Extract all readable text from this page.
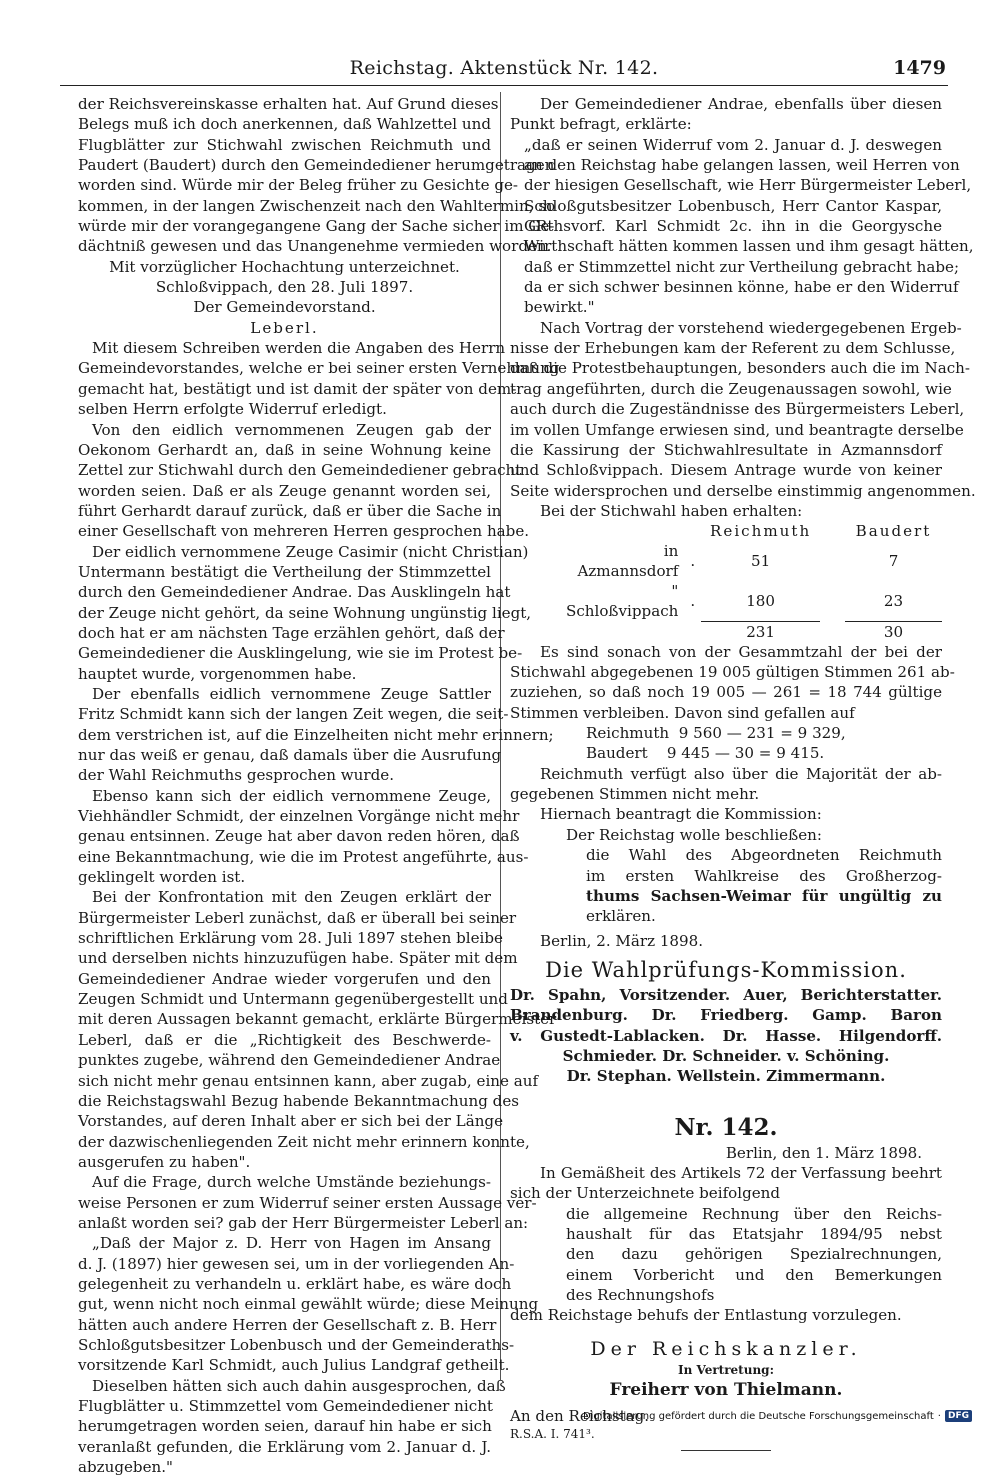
Reichstag. Aktenstück Nr. 142.	1479
der Reichsvereinskasse erhalten hat. Auf Grund dieses
Belegs muß ich doch anerkennen, daß Wahlzettel und
Flugblätter zur Stichwahl zwischen Reichmuth und
Paudert (Baudert) durch den Gemeindediener herumgetragen
worden sind. Würde mir der Beleg früher zu Gesichte ge-
kommen, in der langen Zwischenzeit nach den Wahltermin, so
würde mir der vorangegangene Gang der Sache sicher im Ge-
dächtniß gewesen und das Unangenehme vermieden worden.
Mit vorzüglicher Hochachtung unterzeichnet.
Schloßvippach, den 28. Juli 1897.
Der Gemeindevorstand.
Leberl.
Mit diesem Schreiben werden die Angaben des Herrn
Gemeindevorstandes, welche er bei seiner ersten Vernehmung
gemacht hat, bestätigt und ist damit der später von dem-
selben Herrn erfolgte Widerruf erledigt.
Von den eidlich vernommenen Zeugen gab der
Oekonom Gerhardt an, daß in seine Wohnung keine
Zettel zur Stichwahl durch den Gemeindediener gebracht
worden seien. Daß er als Zeuge genannt worden sei,
führt Gerhardt darauf zurück, daß er über die Sache in
einer Gesellschaft von mehreren Herren gesprochen habe.
Der eidlich vernommene Zeuge Casimir (nicht Christian)
Untermann bestätigt die Vertheilung der Stimmzettel
durch den Gemeindediener Andrae. Das Ausklingeln hat
der Zeuge nicht gehört, da seine Wohnung ungünstig liegt,
doch hat er am nächsten Tage erzählen gehört, daß der
Gemeindediener die Ausklingelung, wie sie im Protest be-
hauptet wurde, vorgenommen habe.
Der ebenfalls eidlich vernommene Zeuge Sattler
Fritz Schmidt kann sich der langen Zeit wegen, die seit-
dem verstrichen ist, auf die Einzelheiten nicht mehr erinnern;
nur das weiß er genau, daß damals über die Ausrufung
der Wahl Reichmuths gesprochen wurde.
Ebenso kann sich der eidlich vernommene Zeuge,
Viehhändler Schmidt, der einzelnen Vorgänge nicht mehr
genau entsinnen. Zeuge hat aber davon reden hören, daß
eine Bekanntmachung, wie die im Protest angeführte, aus-
geklingelt worden ist.
Bei der Konfrontation mit den Zeugen erklärt der
Bürgermeister Leberl zunächst, daß er überall bei seiner
schriftlichen Erklärung vom 28. Juli 1897 stehen bleibe
und derselben nichts hinzuzufügen habe. Später mit dem
Gemeindediener Andrae wieder vorgerufen und den
Zeugen Schmidt und Untermann gegenübergestellt und
mit deren Aussagen bekannt gemacht, erklärte Bürgermeister
Leberl, daß er die „Richtigkeit des Beschwerde-
punktes zugebe, während den Gemeindediener Andrae
sich nicht mehr genau entsinnen kann, aber zugab, eine auf
die Reichstagswahl Bezug habende Bekanntmachung des
Vorstandes, auf deren Inhalt aber er sich bei der Länge
der dazwischenliegenden Zeit nicht mehr erinnern konnte,
ausgerufen zu haben".
Auf die Frage, durch welche Umstände beziehungs-
weise Personen er zum Widerruf seiner ersten Aussage ver-
anlaßt worden sei? gab der Herr Bürgermeister Leberl an:
„Daß der Major z. D. Herr von Hagen im Ansang
d. J. (1897) hier gewesen sei, um in der vorliegenden An-
gelegenheit zu verhandeln u. erklärt habe, es wäre doch
gut, wenn nicht noch einmal gewählt würde; diese Meinung
hätten auch andere Herren der Gesellschaft z. B. Herr
Schloßgutsbesitzer Lobenbusch und der Gemeinderaths-
vorsitzende Karl Schmidt, auch Julius Landgraf getheilt.
Dieselben hätten sich auch dahin ausgesprochen, daß
Flugblätter u. Stimmzettel vom Gemeindediener nicht
herumgetragen worden seien, darauf hin habe er sich
veranlaßt gefunden, die Erklärung vom 2. Januar d. J.
abzugeben."
Der Gemeindediener Andrae, ebenfalls über diesen
Punkt befragt, erklärte:
„daß er seinen Widerruf vom 2. Januar d. J. deswegen
an den Reichstag habe gelangen lassen, weil Herren von
der hiesigen Gesellschaft, wie Herr Bürgermeister Leberl,
Schloßgutsbesitzer Lobenbusch, Herr Cantor Kaspar,
GRthsvorf. Karl Schmidt 2c. ihn in die Georgysche
Wirthschaft hätten kommen lassen und ihm gesagt hätten,
daß er Stimmzettel nicht zur Vertheilung gebracht habe;
da er sich schwer besinnen könne, habe er den Widerruf
bewirkt."
Nach Vortrag der vorstehend wiedergegebenen Ergeb-
nisse der Erhebungen kam der Referent zu dem Schlusse,
daß die Protestbehauptungen, besonders auch die im Nach-
trag angeführten, durch die Zeugenaussagen sowohl, wie
auch durch die Zugeständnisse des Bürgermeisters Leberl,
im vollen Umfange erwiesen sind, und beantragte derselbe
die Kassirung der Stichwahlresultate in Azmannsdorf
und Schloßvippach. Diesem Antrage wurde von keiner
Seite widersprochen und derselbe einstimmig angenommen.
Bei der Stichwahl haben erhalten:
		Reichmuth		Baudert
in Azmannsdorf	.	51		7
" Schloßvippach	.	180		23
		231		30
Es sind sonach von der Gesammtzahl der bei der
Stichwahl abgegebenen 19 005 gültigen Stimmen 261 ab-
zuziehen, so daß noch 19 005 — 261 = 18 744 gültige
Stimmen verbleiben. Davon sind gefallen auf
Reichmuth  9 560 — 231 = 9 329,
Baudert    9 445 — 30 = 9 415.
Reichmuth verfügt also über die Majorität der ab-
gegebenen Stimmen nicht mehr.
Hiernach beantragt die Kommission:
Der Reichstag wolle beschließen:
die Wahl des Abgeordneten Reichmuth
im ersten Wahlkreise des Großherzog-
thums Sachsen-Weimar für ungültig zu
erklären.
Berlin, 2. März 1898.
Die Wahlprüfungs-Kommission.
Dr. Spahn, Vorsitzender. Auer, Berichterstatter.
Brandenburg. Dr. Friedberg. Gamp. Baron
v. Gustedt-Lablacken. Dr. Hasse. Hilgendorff.
Schmieder. Dr. Schneider. v. Schöning.
Dr. Stephan. Wellstein. Zimmermann.
Nr. 142.
Berlin, den 1. März 1898.
In Gemäßheit des Artikels 72 der Verfassung beehrt
sich der Unterzeichnete beifolgend
die allgemeine Rechnung über den Reichs-
haushalt für das Etatsjahr 1894/95 nebst
den dazu gehörigen Spezialrechnungen,
einem Vorbericht und den Bemerkungen
des Rechnungshofs
dem Reichstage behufs der Entlastung vorzulegen.
Der Reichskanzler.
In Vertretung:
Freiherr von Thielmann.
An den Reichstag.
R.S.A. I. 741³.
Digitalisierung gefördert durch die Deutsche Forschungsgemeinschaft · DFG
